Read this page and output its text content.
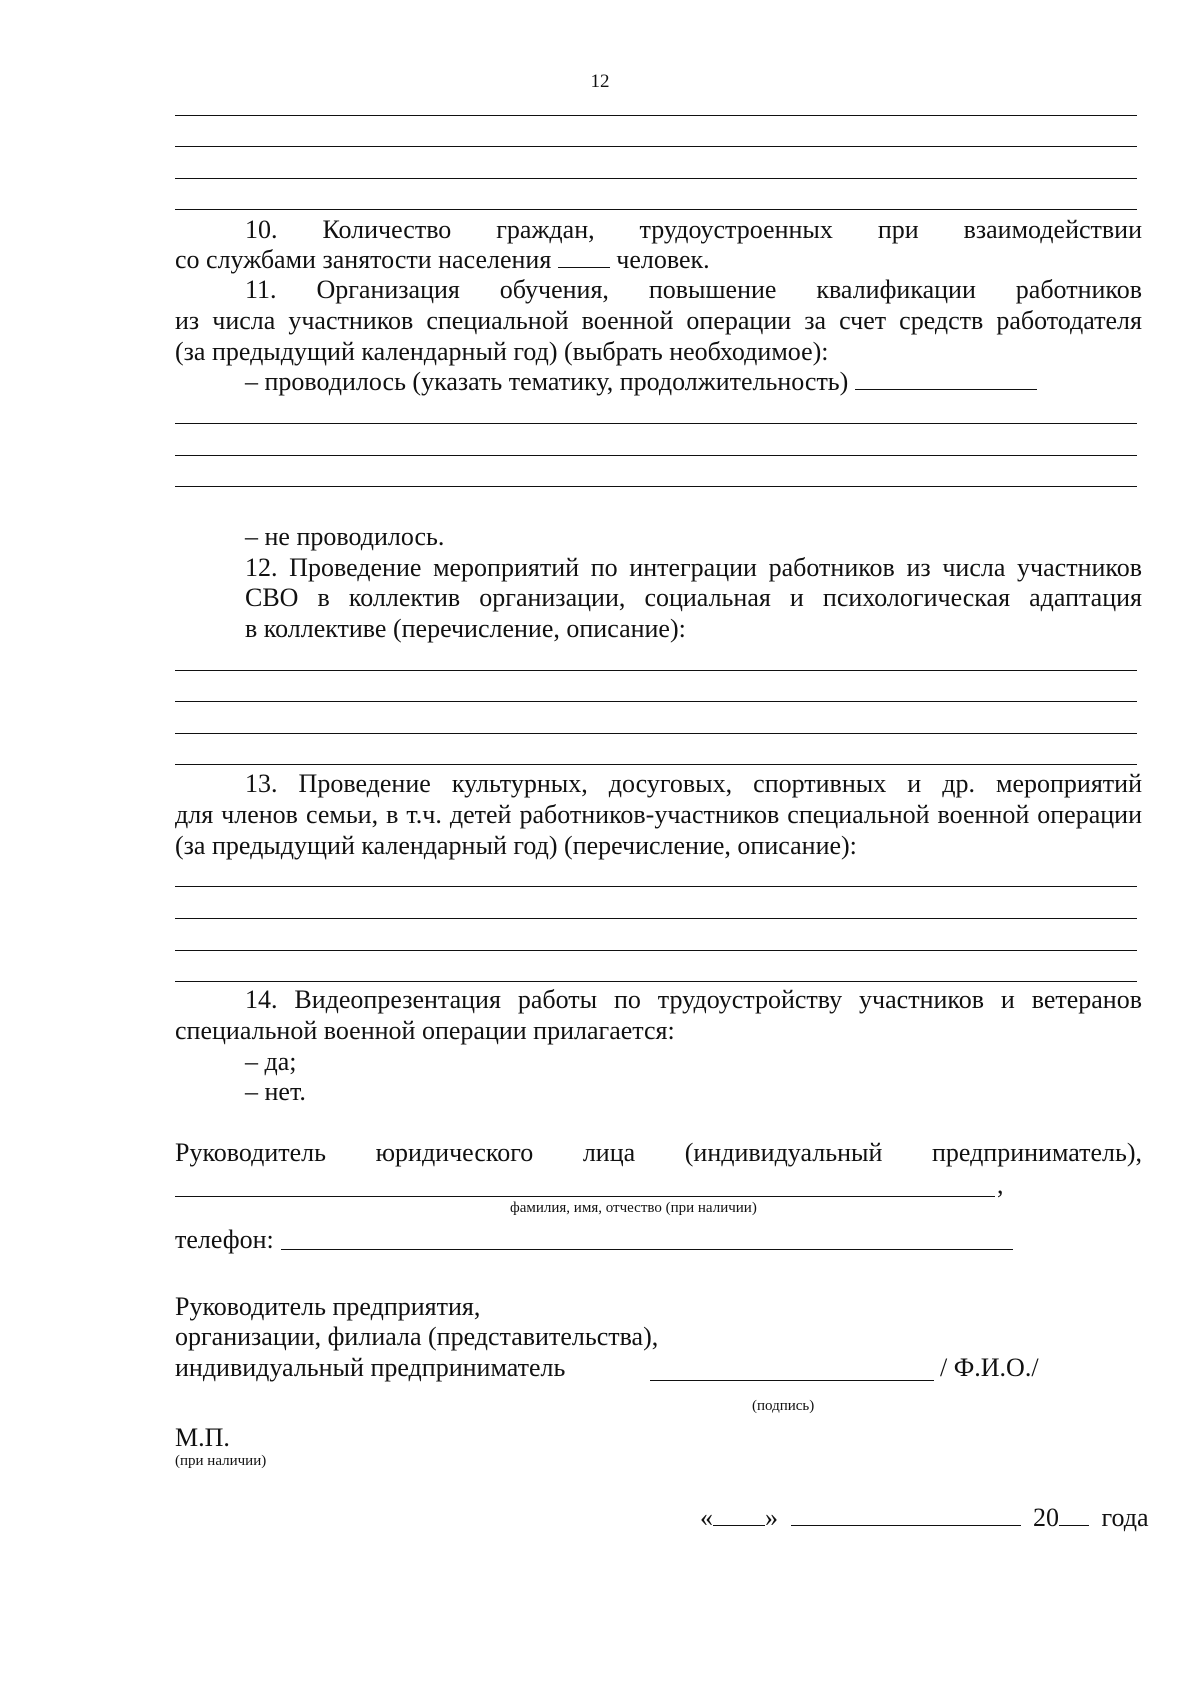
12
10. Количество граждан, трудоустроенных при взаимодействии
со службами занятости населения	человек.
11. Организация обучения, повышение квалификации работников
из числа участников специальной военной операции за счет средств работодателя
(за предыдущий календарный год) (выбрать необходимое):
– проводилось (указать тематику, продолжительность)
– не проводилось.
12. Проведение мероприятий по интеграции работников из числа участников
СВО в коллектив организации, социальная и психологическая адаптация
в коллективе (перечисление, описание):
13. Проведение культурных, досуговых, спортивных и др. мероприятий
для членов семьи, в т.ч. детей работников-участников специальной военной операции
(за предыдущий календарный год) (перечисление, описание):
14. Видеопрезентация работы по трудоустройству участников и ветеранов
специальной военной операции прилагается:
– да;
– нет.
Руководитель юридического лица (индивидуальный предприниматель),
,
фамилия, имя, отчество (при наличии)
телефон:
Руководитель предприятия,
организации, филиала (представительства),
индивидуальный предприниматель	/ Ф.И.О./
(подпись)
М.П.
(при наличии)
« »	20 года
